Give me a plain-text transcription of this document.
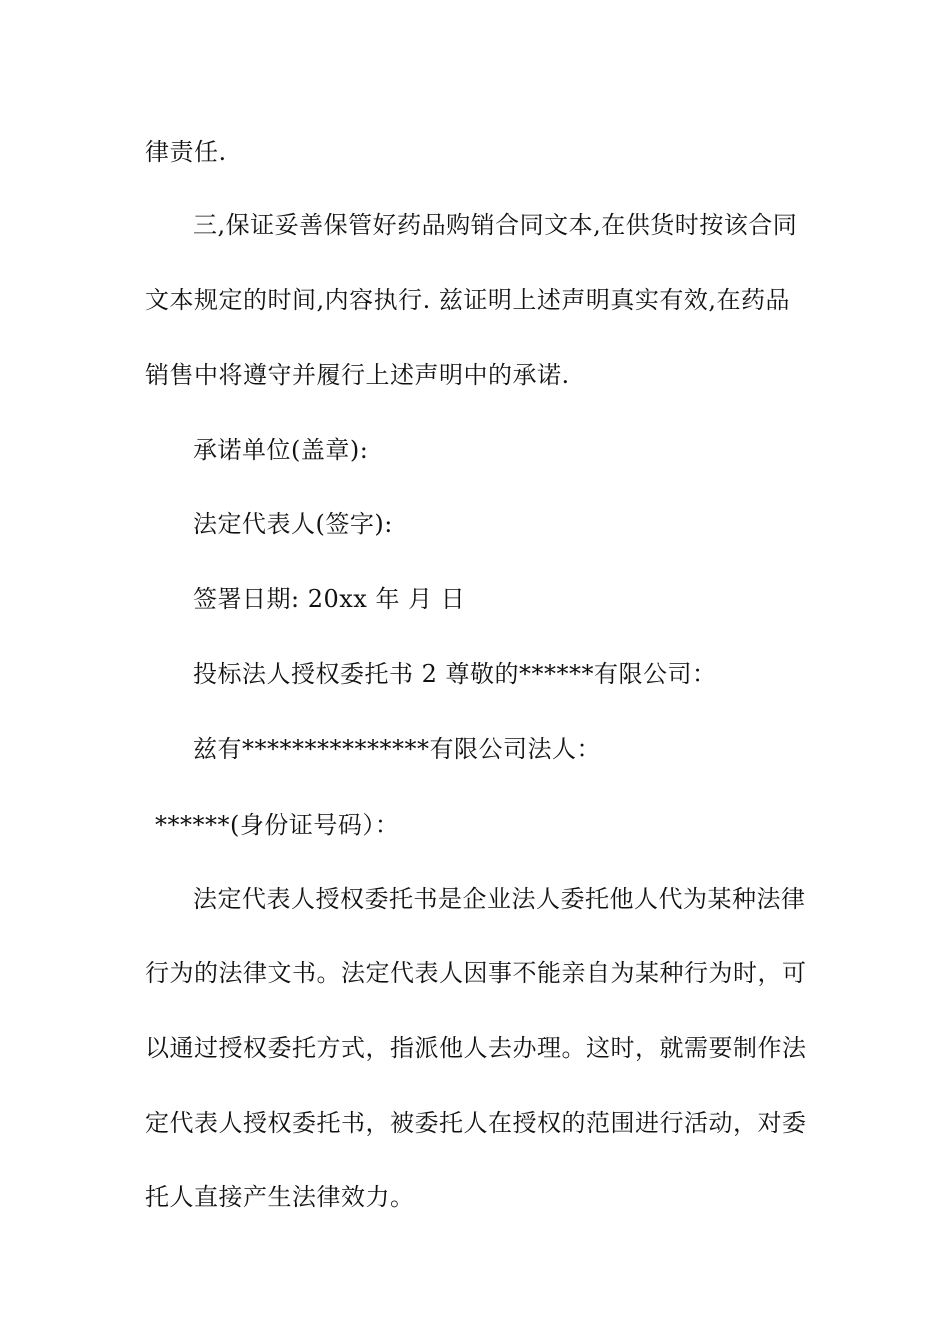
律责任.
三,保证妥善保管好药品购销合同文本,在供货时按该合同
文本规定的时间,内容执行. 兹证明上述声明真实有效,在药品
销售中将遵守并履行上述声明中的承诺.
承诺单位(盖章):
法定代表人(签字):
签署日期: 20xx 年 月 日
投标法人授权委托书 2 尊敬的******有限公司：
兹有***************有限公司法人：
******(身份证号码）：
法定代表人授权委托书是企业法人委托他人代为某种法律
行为的法律文书。法定代表人因事不能亲自为某种行为时，可
以通过授权委托方式，指派他人去办理。这时，就需要制作法
定代表人授权委托书，被委托人在授权的范围进行活动，对委
托人直接产生法律效力。
